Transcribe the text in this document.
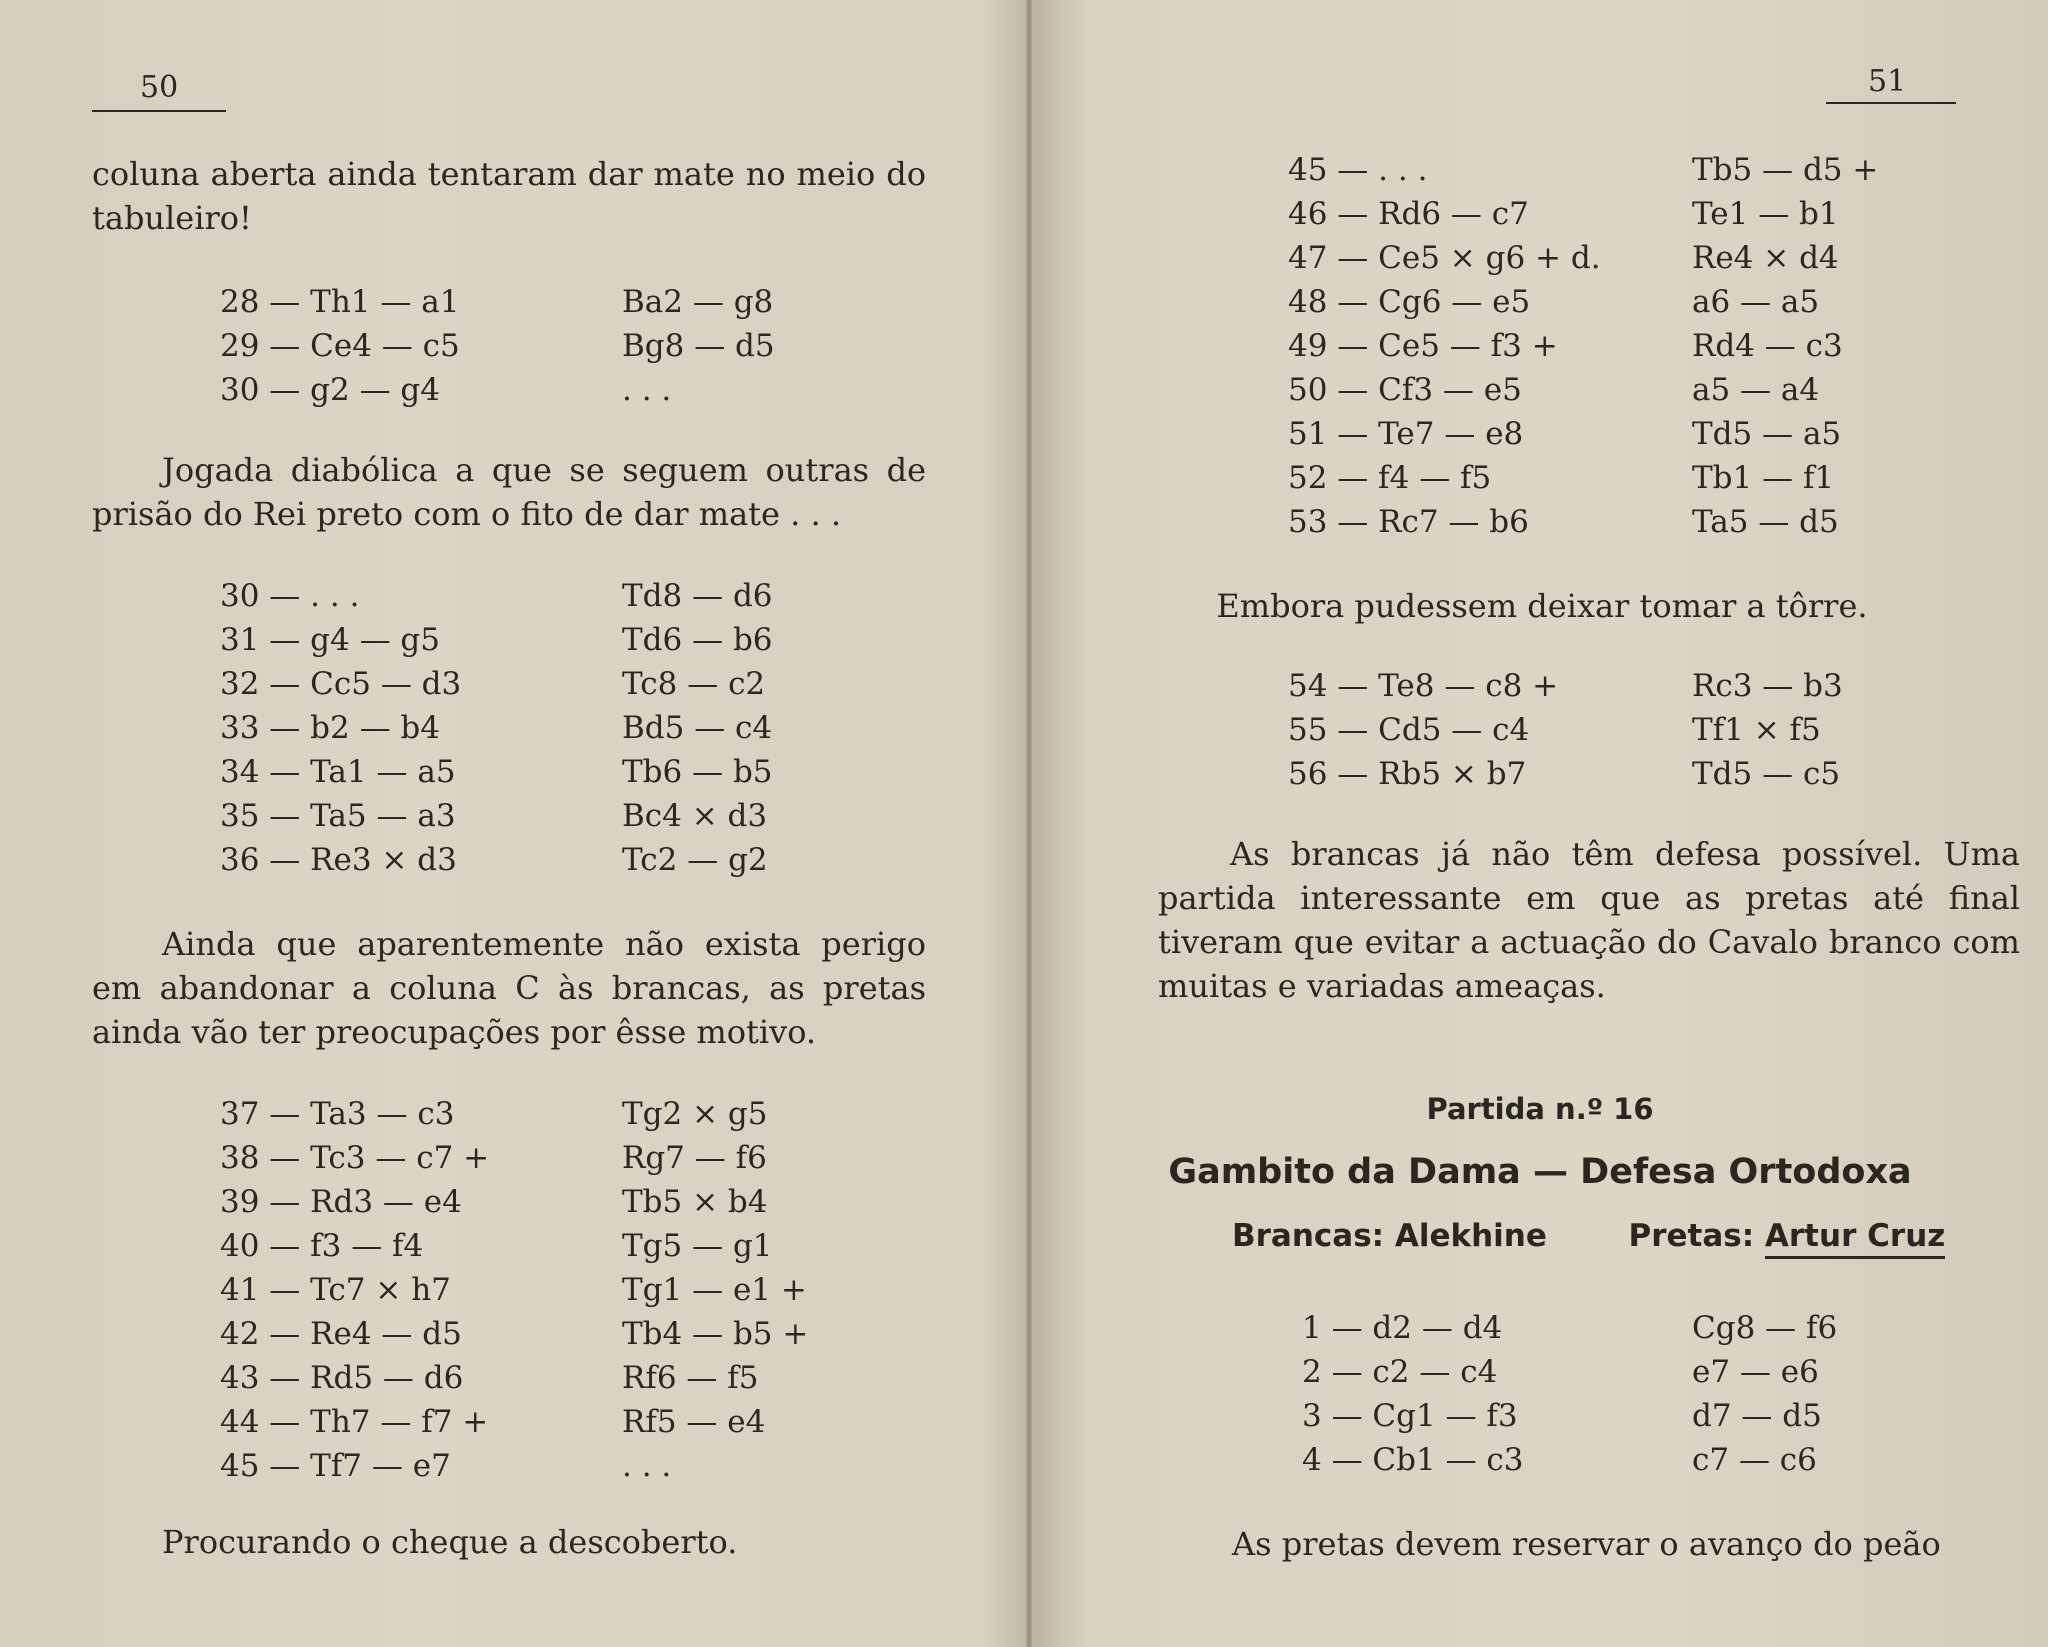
50

coluna aberta ainda tentaram dar mate no meio do tabuleiro!

28 — Th1 — a1	Ba2 — g8
29 — Ce4 — c5	Bg8 — d5
30 — g2 — g4	. . .

Jogada diabólica a que se seguem outras de prisão do Rei preto com o fito de dar mate . . .

30 — . . .	Td8 — d6
31 — g4 — g5	Td6 — b6
32 — Cc5 — d3	Tc8 — c2
33 — b2 — b4	Bd5 — c4
34 — Ta1 — a5	Tb6 — b5
35 — Ta5 — a3	Bc4 × d3
36 — Re3 × d3	Tc2 — g2

Ainda que aparentemente não exista perigo em abandonar a coluna C às brancas, as pretas ainda vão ter preocupações por êsse motivo.

37 — Ta3 — c3	Tg2 × g5
38 — Tc3 — c7 +	Rg7 — f6
39 — Rd3 — e4	Tb5 × b4
40 — f3 — f4	Tg5 — g1
41 — Tc7 × h7	Tg1 — e1 +
42 — Re4 — d5	Tb4 — b5 +
43 — Rd5 — d6	Rf6 — f5
44 — Th7 — f7 +	Rf5 — e4
45 — Tf7 — e7	. . .

Procurando o cheque a descoberto.

51
45 — . . .	Tb5 — d5 +
46 — Rd6 — c7	Te1 — b1
47 — Ce5 × g6 + d.	Re4 × d4
48 — Cg6 — e5	a6 — a5
49 — Ce5 — f3 +	Rd4 — c3
50 — Cf3 — e5	a5 — a4
51 — Te7 — e8	Td5 — a5
52 — f4 — f5	Tb1 — f1
53 — Rc7 — b6	Ta5 — d5

Embora pudessem deixar tomar a tôrre.

54 — Te8 — c8 +	Rc3 — b3
55 — Cd5 — c4	Tf1 × f5
56 — Rb5 × b7	Td5 — c5

As brancas já não têm defesa possível. Uma partida interessante em que as pretas até final tiveram que evitar a actuação do Cavalo branco com muitas e variadas ameaças.

Partida n.º 16
Gambito da Dama — Defesa Ortodoxa
Brancas: Alekhine	Pretas: Artur Cruz
1 — d2 — d4	Cg8 — f6
2 — c2 — c4	e7 — e6
3 — Cg1 — f3	d7 — d5
4 — Cb1 — c3	c7 — c6

As pretas devem reservar o avanço do peão
